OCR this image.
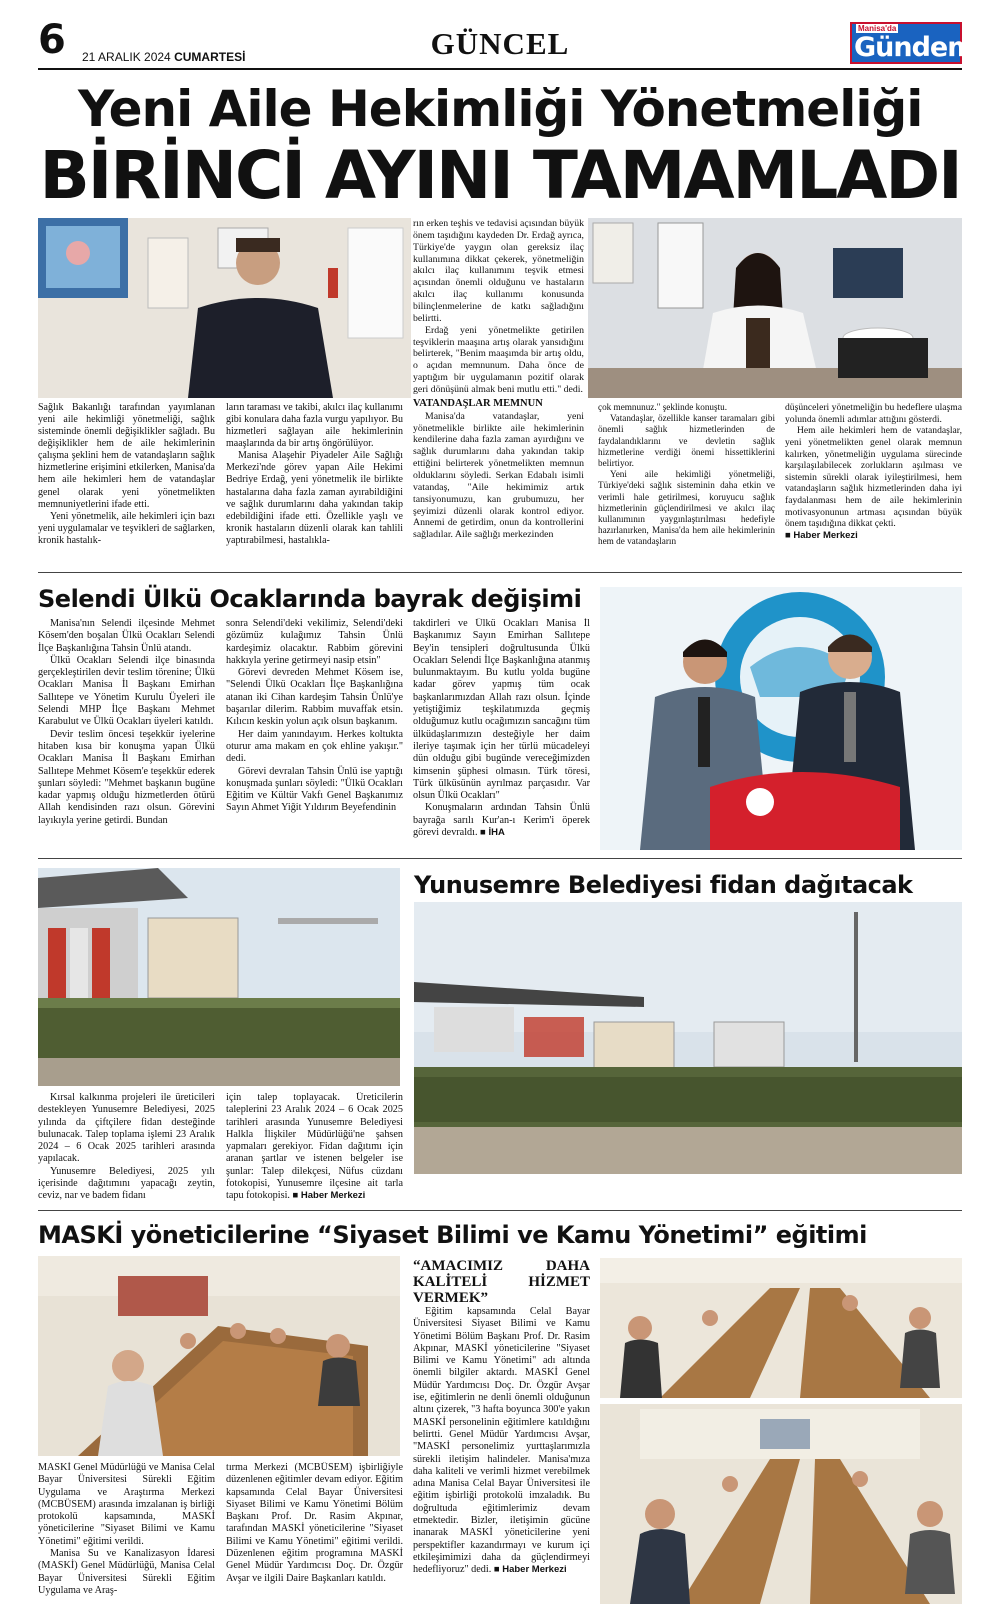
6 21 ARALIK 2024 CUMARTESİ	GÜNCEL	Manisa'da
Gündem
Yeni Aile Hekimliği Yönetmeliği
BİRİNCİ AYINI TAMAMLADI

Sağlık Bakanlığı tarafından yayımlanan yeni aile hekimliği yönetmeliği, sağlık sisteminde önemli değişiklikler sağladı. Bu değişiklikler hem de aile hekimlerinin çalışma şeklini hem de vatandaşların sağlık hizmetlerine erişimini etkilerken, Manisa'da hem aile hekimleri hem de vatandaşlar genel olarak yeni yönetmelikten memnuniyetlerini ifade etti.

Yeni yönetmelik, aile hekimleri için bazı yeni uygulamalar ve teşvikleri de sağlarken, kronik hastalık-

ların taraması ve takibi, akılcı ilaç kullanımı gibi konulara daha fazla vurgu yapılıyor. Bu hizmetleri sağlayan aile hekimlerinin maaşlarında da bir artış öngörülüyor.

Manisa Alaşehir Piyadeler Aile Sağlığı Merkezi'nde görev yapan Aile Hekimi Bedriye Erdağ, yeni yönetmelik ile birlikte hastalarına daha fazla zaman ayırabildiğini ve sağlık durumlarını daha yakından takip edebildiğini ifade etti. Özellikle yaşlı ve kronik hastaların düzenli olarak kan tahlili yaptırabilmesi, hastalıkla-

rın erken teşhis ve tedavisi açısından büyük önem taşıdığını kaydeden Dr. Erdağ ayrıca, Türkiye'de yaygın olan gereksiz ilaç kullanımına dikkat çekerek, yönetmeliğin akılcı ilaç kullanımını teşvik etmesi açısından önemli olduğunu ve hastaların akılcı ilaç kullanımı konusunda bilinçlenmelerine de katkı sağladığını belirtti.

Erdağ yeni yönetmelikte getirilen teşviklerin maaşına artış olarak yansıdığını belirterek, "Benim maaşımda bir artış oldu, o açıdan memnunum. Daha önce de yaptığım bir uygulamanın pozitif olarak geri dönüşünü almak beni mutlu etti." dedi.

VATANDAŞLAR MEMNUN

Manisa'da vatandaşlar, yeni yönetmelikle birlikte aile hekimlerinin kendilerine daha fazla zaman ayırdığını ve sağlık durumlarını daha yakından takip ettiğini belirterek yönetmelikten memnun olduklarını söyledi. Serkan Edabalı isimli vatandaş, "Aile hekimimiz artık tansiyonumuzu, kan grubumuzu, her şeyimizi düzenli olarak kontrol ediyor. Annemi de getirdim, onun da kontrollerini sağladılar. Aile sağlığı merkezinden

çok memnunuz." şeklinde konuştu.

Vatandaşlar, özellikle kanser taramaları gibi önemli sağlık hizmetlerinden de faydalandıklarını ve devletin sağlık hizmetlerine verdiği önemi hissettiklerini belirtiyor.

Yeni aile hekimliği yönetmeliği, Türkiye'deki sağlık sisteminin daha etkin ve verimli hale getirilmesi, koruyucu sağlık hizmetlerinin güçlendirilmesi ve akılcı ilaç kullanımının yaygınlaştırılması hedefiyle hazırlanırken, Manisa'da hem aile hekimlerinin hem de vatandaşların

düşünceleri yönetmeliğin bu hedeflere ulaşma yolunda önemli adımlar attığını gösterdi.

Hem aile hekimleri hem de vatandaşlar, yeni yönetmelikten genel olarak memnun kalırken, yönetmeliğin uygulama sürecinde karşılaşılabilecek zorlukların aşılması ve sistemin sürekli olarak iyileştirilmesi, hem vatandaşların sağlık hizmetlerinden daha iyi faydalanması hem de aile hekimlerinin motivasyonunun artması açısından büyük önem taşıdığına dikkat çekti.

■ Haber Merkezi
Selendi Ülkü Ocaklarında bayrak değişimi

Manisa'nın Selendi ilçesinde Mehmet Kösem'den boşalan Ülkü Ocakları Selendi İlçe Başkanlığına Tahsin Ünlü atandı.

Ülkü Ocakları Selendi ilçe binasında gerçekleştirilen devir teslim törenine; Ülkü Ocakları Manisa İl Başkanı Emirhan Sallıtepe ve Yönetim Kurulu Üyeleri ile Selendi MHP İlçe Başkanı Mehmet Karabulut ve Ülkü Ocakları üyeleri katıldı.

Devir teslim öncesi teşekkür iyelerine hitaben kısa bir konuşma yapan Ülkü Ocakları Manisa İl Başkanı Emirhan Sallıtepe Mehmet Kösem'e teşekkür ederek şunları söyledi: "Mehmet başkanın bugüne kadar yapmış olduğu hizmetlerden ötürü Allah kendisinden razı olsun. Görevini layıkıyla yerine getirdi. Bundan

sonra Selendi'deki vekilimiz, Selendi'deki gözümüz kulağımız Tahsin Ünlü kardeşimiz olacaktır. Rabbim görevini hakkıyla yerine getirmeyi nasip etsin"

Görevi devreden Mehmet Kösem ise, "Selendi Ülkü Ocakları İlçe Başkanlığına atanan iki Cihan kardeşim Tahsin Ünlü'ye başarılar dilerim. Rabbim muvaffak etsin. Kılıcın keskin yolun açık olsun başkanım.

Her daim yanındayım. Herkes koltukta oturur ama makam en çok ehline yakışır." dedi.

Görevi devralan Tahsin Ünlü ise yaptığı konuşmada şunları söyledi: "Ülkü Ocakları Eğitim ve Kültür Vakfı Genel Başkanımız Sayın Ahmet Yiğit Yıldırım Beyefendinin

takdirleri ve Ülkü Ocakları Manisa İl Başkanımız Sayın Emirhan Sallıtepe Bey'in tensipleri doğrultusunda Ülkü Ocakları Selendi İlçe Başkanlığına atanmış bulunmaktayım. Bu kutlu yolda bugüne kadar görev yapmış tüm ocak başkanlarımızdan Allah razı olsun. İçinde yetiştiğimiz teşkilatımızda geçmiş olduğumuz kutlu ocağımızın sancağını tüm ülküdaşlarımızın desteğiyle her daim ileriye taşımak için her türlü mücadeleyi dün olduğu gibi bugünde vereceğimizden kimsenin şüphesi olmasın. Türk töresi, Türk ülküsünün ayrılmaz parçasıdır. Var olsun Ülkü Ocakları"

Konuşmaların ardından Tahsin Ünlü bayrağa sarılı Kur'an-ı Kerim'i öperek görevi devraldı. ■ İHA

Yunusemre Belediyesi fidan dağıtacak

Kırsal kalkınma projeleri ile üreticileri destekleyen Yunusemre Belediyesi, 2025 yılında da çiftçilere fidan desteğinde bulunacak. Talep toplama işlemi 23 Aralık 2024 – 6 Ocak 2025 tarihleri arasında yapılacak.

Yunusemre Belediyesi, 2025 yılı içerisinde dağıtımını yapacağı zeytin, ceviz, nar ve badem fidanı

için talep toplayacak. Üreticilerin taleplerini 23 Aralık 2024 – 6 Ocak 2025 tarihleri arasında Yunusemre Belediyesi Halkla İlişkiler Müdürlüğü'ne şahsen yapmaları gerekiyor. Fidan dağıtımı için aranan şartlar ve istenen belgeler ise şunlar: Talep dilekçesi, Nüfus cüzdanı fotokopisi, Yunusemre ilçesine ait tarla tapu fotokopisi. ■ Haber Merkezi

MASKİ yöneticilerine “Siyaset Bilimi ve Kamu Yönetimi” eğitimi

MASKİ Genel Müdürlüğü ve Manisa Celal Bayar Üniversitesi Sürekli Eğitim Uygulama ve Araştırma Merkezi (MCBÜSEM) arasında imzalanan iş birliği protokolü kapsamında, MASKİ yöneticilerine "Siyaset Bilimi ve Kamu Yönetimi" eğitimi verildi.

Manisa Su ve Kanalizasyon İdaresi (MASKİ) Genel Müdürlüğü, Manisa Celal Bayar Üniversitesi Sürekli Eğitim Uygulama ve Araş-

tırma Merkezi (MCBÜSEM) işbirliğiyle düzenlenen eğitimler devam ediyor. Eğitim kapsamında Celal Bayar Üniversitesi Siyaset Bilimi ve Kamu Yönetimi Bölüm Başkanı Prof. Dr. Rasim Akpınar, tarafından MASKİ yöneticilerine "Siyaset Bilimi ve Kamu Yönetimi" eğitimi verildi. Düzenlenen eğitim programına MASKİ Genel Müdür Yardımcısı Doç. Dr. Özgür Avşar ve ilgili Daire Başkanları katıldı.

“AMACIMIZ DAHA KALİTELİ HİZMET VERMEK”

Eğitim kapsamında Celal Bayar Üniversitesi Siyaset Bilimi ve Kamu Yönetimi Bölüm Başkanı Prof. Dr. Rasim Akpınar, MASKİ yöneticilerine "Siyaset Bilimi ve Kamu Yönetimi" adı altında önemli bilgiler aktardı. MASKİ Genel Müdür Yardımcısı Doç. Dr. Özgür Avşar ise, eğitimlerin ne denli önemli olduğunun altını çizerek, "3 hafta boyunca 300'e yakın MASKİ personelinin eğitimlere katıldığını belirtti. Genel Müdür Yardımcısı Avşar, "MASKİ personelimiz yurttaşlarımızla sürekli iletişim halindeler. Manisa'mıza daha kaliteli ve verimli hizmet verebilmek adına Manisa Celal Bayar Üniversitesi ile eğitim işbirliği protokolü imzaladık. Bu doğrultuda eğitimlerimiz devam etmektedir. Bizler, iletişimin gücüne inanarak MASKİ yöneticilerine yeni perspektifler kazandırmayı ve kurum içi etkileşimimizi daha da güçlendirmeyi hedefliyoruz" dedi. ■ Haber Merkezi
